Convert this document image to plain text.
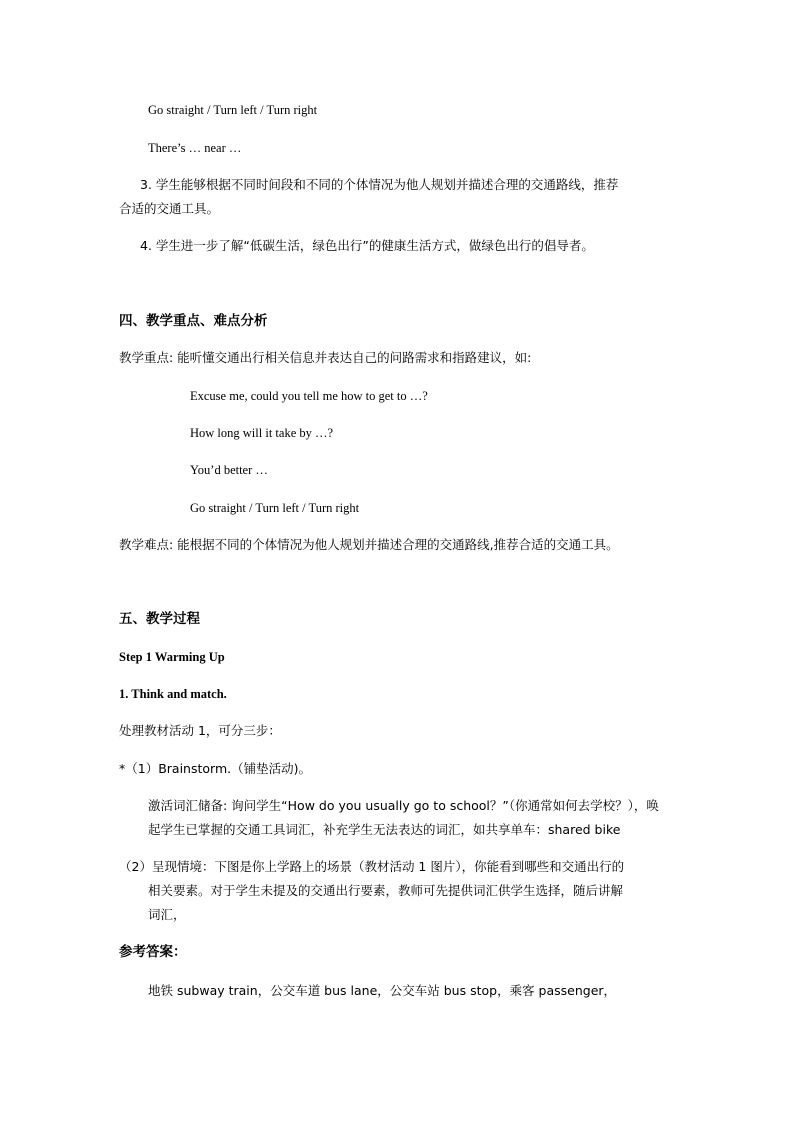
Go straight / Turn left / Turn right
There’s … near …
3. 学生能够根据不同时间段和不同的个体情况为他人规划并描述合理的交通路线，推荐
合适的交通工具。
4. 学生进一步了解“低碳生活，绿色出行”的健康生活方式，做绿色出行的倡导者。
四、教学重点、难点分析
教学重点: 能听懂交通出行相关信息并表达自己的问路需求和指路建议，如:
Excuse me, could you tell me how to get to …?
How long will it take by …?
You’d better …
Go straight / Turn left / Turn right
教学难点: 能根据不同的个体情况为他人规划并描述合理的交通路线,推荐合适的交通工具。
五、教学过程
Step 1 Warming Up
1. Think and match.
处理教材活动 1，可分三步：
*（1）Brainstorm.（铺垫活动)。
激活词汇储备: 询问学生“How do you usually go to school？”（你通常如何去学校？），唤
起学生已掌握的交通工具词汇，补充学生无法表达的词汇，如共享单车：shared bike
（2）呈现情境：下图是你上学路上的场景（教材活动 1 图片），你能看到哪些和交通出行的
相关要素。对于学生未提及的交通出行要素，教师可先提供词汇供学生选择，随后讲解
词汇，
参考答案：
地铁 subway train，公交车道 bus lane，公交车站 bus stop，乘客 passenger，
